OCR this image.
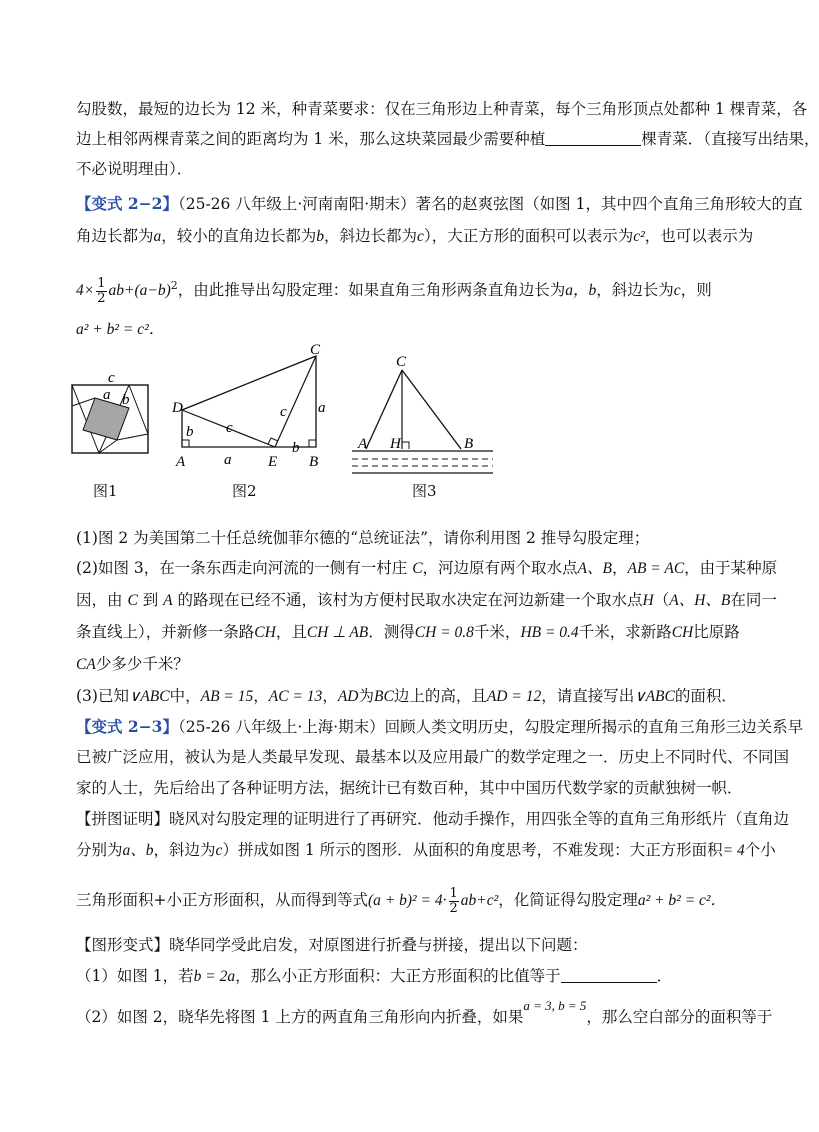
勾股数，最短的边长为 12 米，种青菜要求：仅在三角形边上种青菜，每个三角形顶点处都种 1 棵青菜，各
边上相邻两棵青菜之间的距离均为 1 米，那么这块菜园最少需要种植	棵青菜．（直接写出结果，
不必说明理由）．
【变式 2−2】（25-26 八年级上·河南南阳·期末）著名的赵爽弦图（如图 1，其中四个直角三角形较大的直
角边长都为a，较小的直角边长都为b，斜边长都为c），大正方形的面积可以表示为c²，也可以表示为
$4\times \frac{1}{2} ab+(a-b)^2$，由此推导出勾股定理：如果直角三角形两条直角边长为a，b，斜边长为c，则
a² + b² = c²．
c
a b
图1
C
D
A	E B
a
c
c
b
a
b
图2
C
A H	B
图3
(1)图 2 为美国第二十任总统伽菲尔德的“总统证法”，请你利用图 2 推导勾股定理；
(2)如图 3，在一条东西走向河流的一侧有一村庄 C，河边原有两个取水点A、B，AB = AC，由于某种原
因，由 C 到 A 的路现在已经不通，该村为方便村民取水决定在河边新建一个取水点H（A、H、B在同一
条直线上），并新修一条路CH，且CH ⊥ AB．测得CH = 0.8千米，HB = 0.4千米，求新路CH比原路
CA少多少千米？
(3)已知∨ABC中，AB = 15，AC = 13，AD为BC边上的高，且AD = 12，请直接写出∨ABC的面积．
【变式 2−3】（25-26 八年级上·上海·期末）回顾人类文明历史，勾股定理所揭示的直角三角形三边关系早
已被广泛应用，被认为是人类最早发现、最基本以及应用最广的数学定理之一．历史上不同时代、不同国
家的人士，先后给出了各种证明方法，据统计已有数百种，其中中国历代数学家的贡献独树一帜．
【拼图证明】晓风对勾股定理的证明进行了再研究．他动手操作，用四张全等的直角三角形纸片（直角边
分别为a、b，斜边为c）拼成如图 1 所示的图形．从面积的角度思考，不难发现：大正方形面积= 4个小
三角形面积+小正方形面积，从而得到等式$(a + b)^2 = 4\cdot \frac{1}{2} ab+c^2$，化简证得勾股定理a² + b² = c²．
【图形变式】晓华同学受此启发，对原图进行折叠与拼接，提出以下问题：
（1）如图 1，若b = 2a，那么小正方形面积：大正方形面积的比值等于	．
（2）如图 2，晓华先将图 1 上方的两直角三角形向内折叠，如果$^{a = 3, b = 5}$，那么空白部分的面积等于
